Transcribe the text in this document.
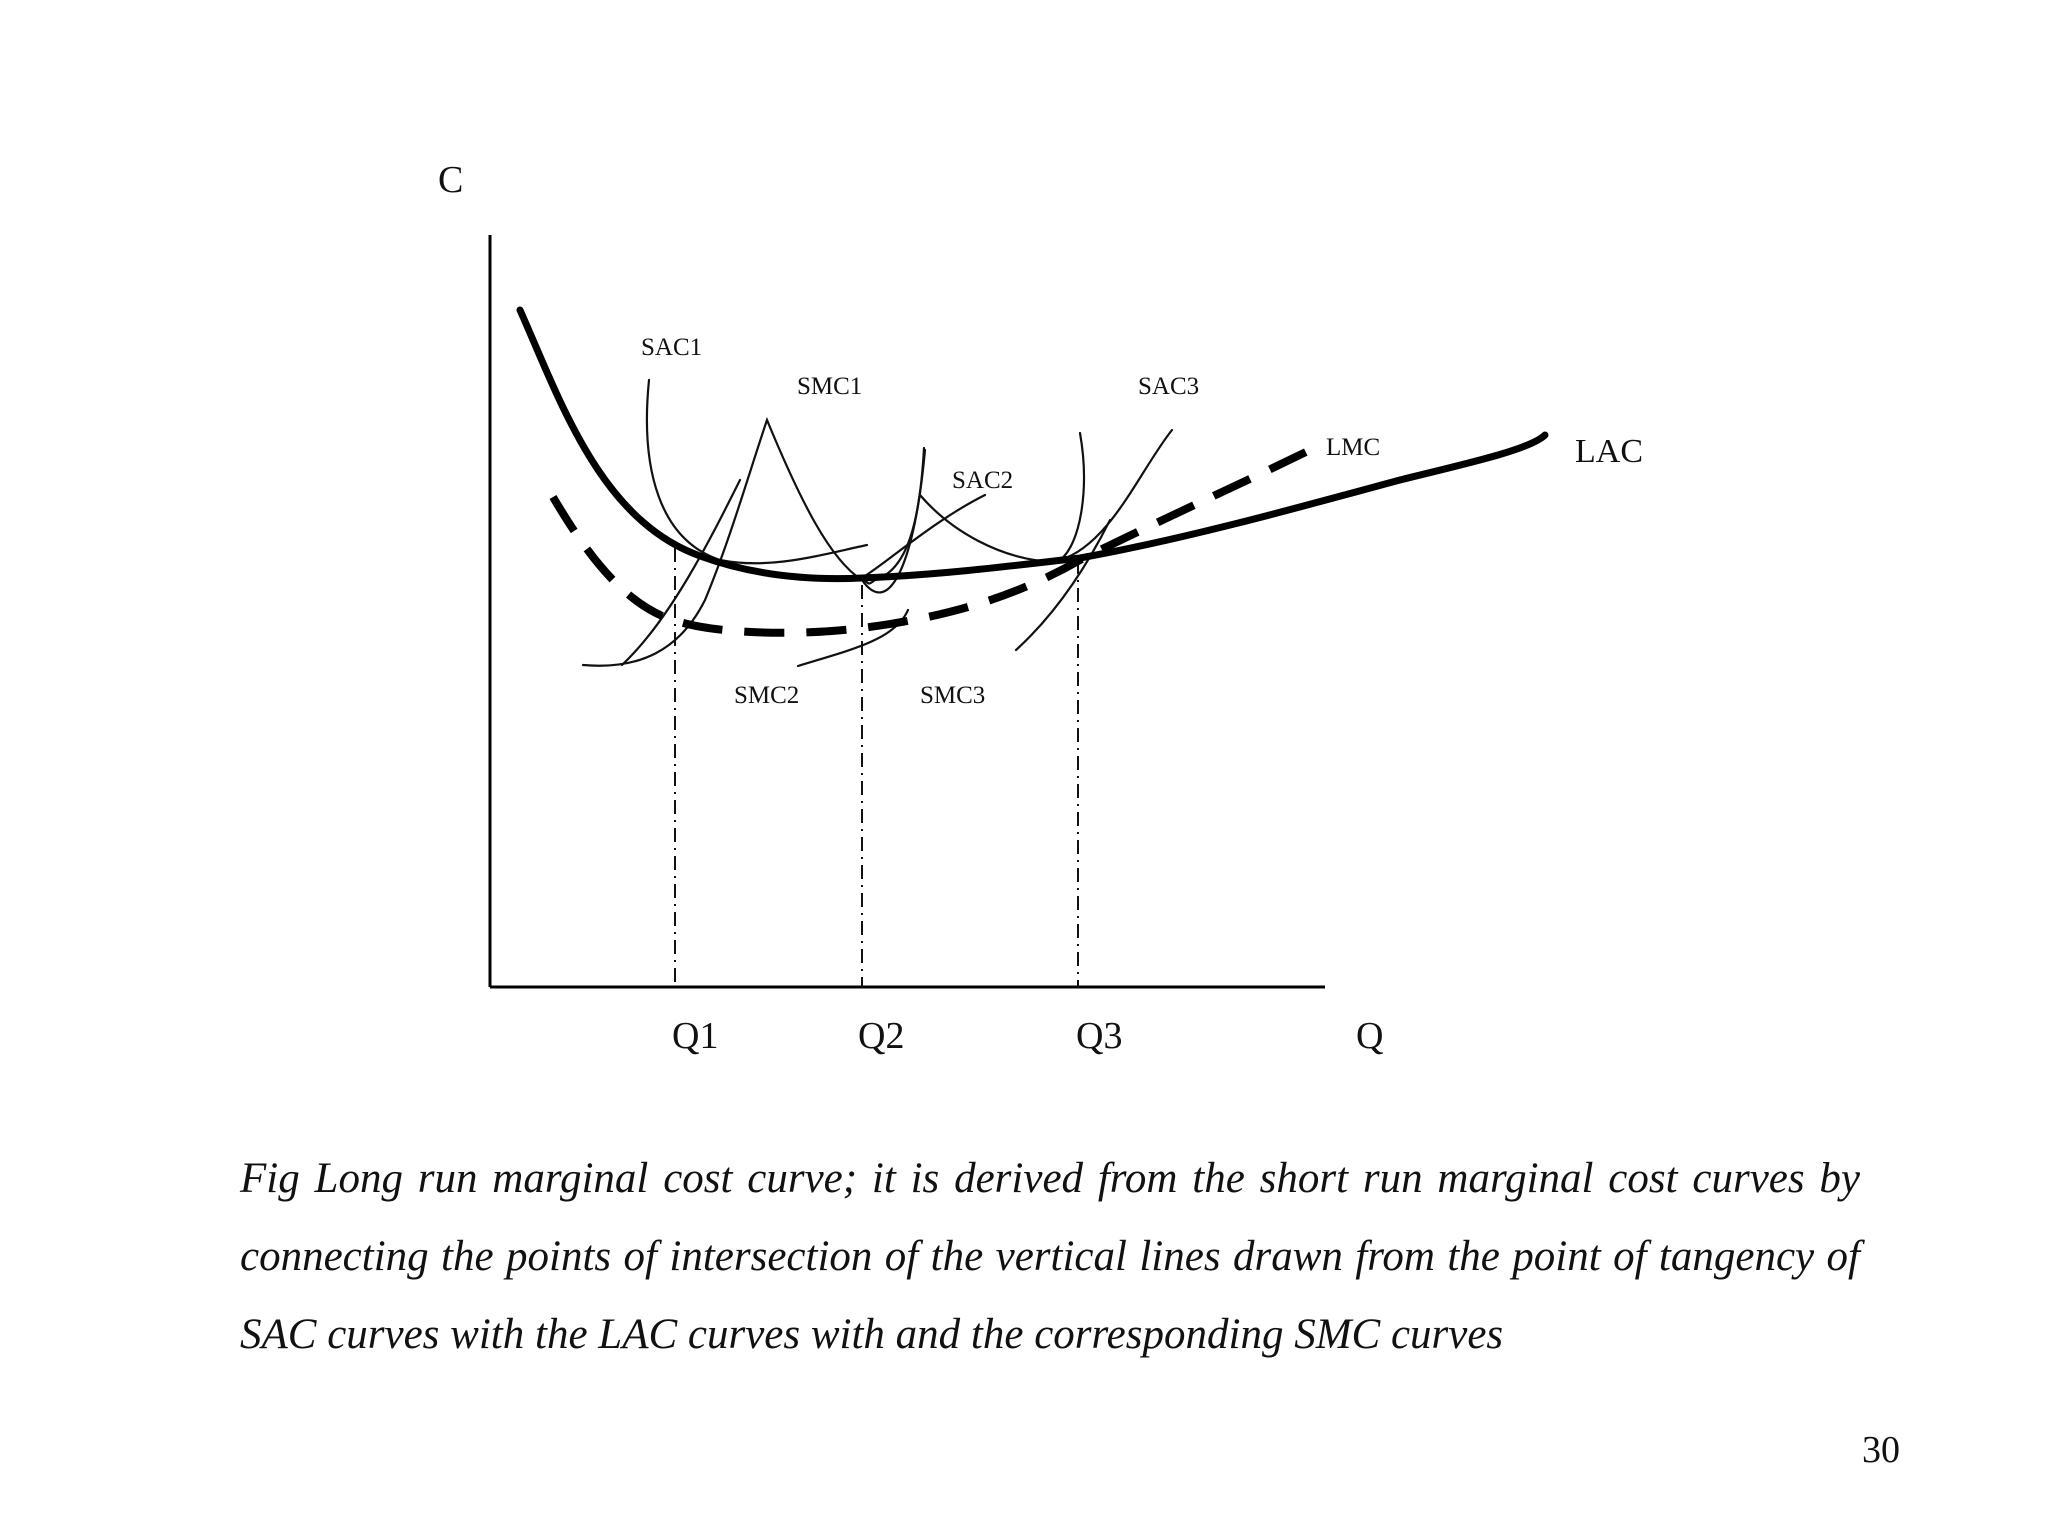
C
Q
Q1	Q2	Q3
SAC1
SMC1
SAC2
SMC2
SAC3
SMC3
LMC	LAC

Fig Long run marginal cost curve; it is derived from the short run marginal cost curves by connecting the points of intersection of the vertical lines drawn from the point of tangency of SAC curves with the LAC curves with and the corresponding SMC curves

30
